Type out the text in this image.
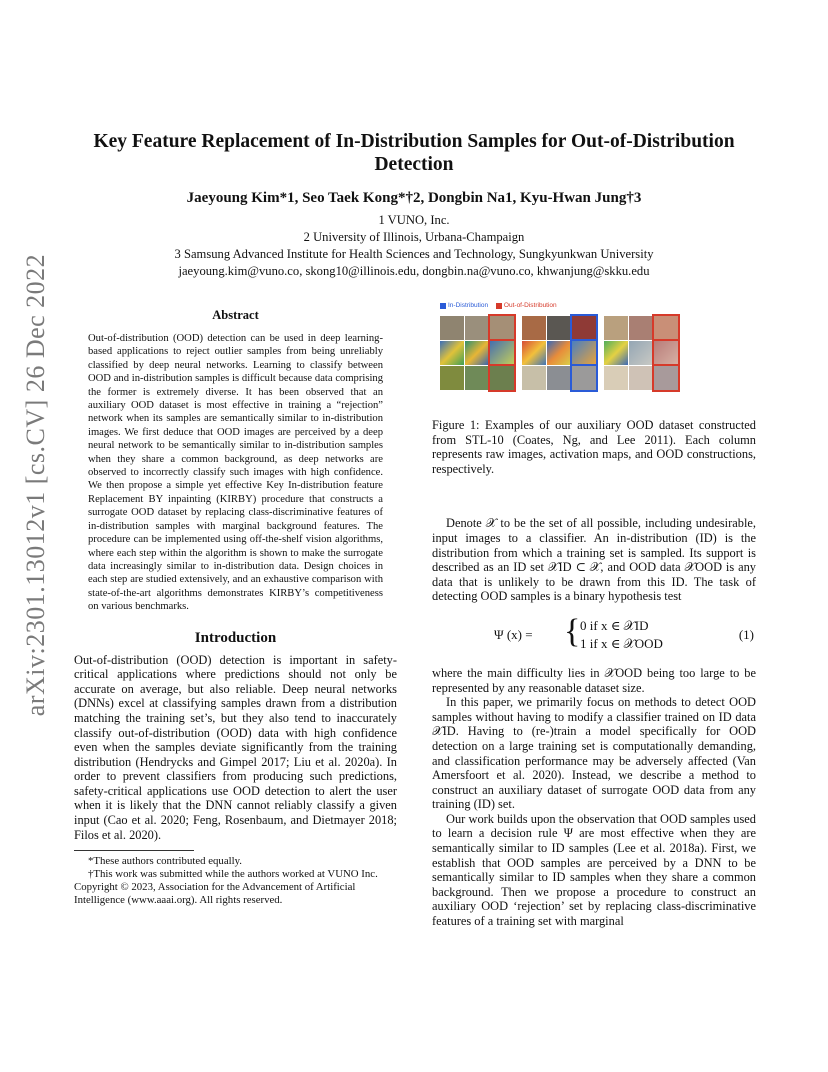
arXiv:2301.13012v1 [cs.CV] 26 Dec 2022
Key Feature Replacement of In-Distribution Samples for Out-of-Distribution
Detection
Jaeyoung Kim*1, Seo Taek Kong*†2, Dongbin Na1, Kyu-Hwan Jung†3
1 VUNO, Inc.
2 University of Illinois, Urbana-Champaign
3 Samsung Advanced Institute for Health Sciences and Technology, Sungkyunkwan University
jaeyoung.kim@vuno.co, skong10@illinois.edu, dongbin.na@vuno.co, khwanjung@skku.edu
Abstract

Out-of-distribution (OOD) detection can be used in deep learning-based applications to reject outlier samples from being unreliably classified by deep neural networks. Learning to classify between OOD and in-distribution samples is difficult because data comprising the former is extremely diverse. It has been observed that an auxiliary OOD dataset is most effective in training a “rejection” network when its samples are semantically similar to in-distribution images. We first deduce that OOD images are perceived by a deep neural network to be semantically similar to in-distribution samples when they share a common background, as deep networks are observed to incorrectly classify such images with high confidence. We then propose a simple yet effective Key In-distribution feature Replacement BY inpainting (KIRBY) procedure that constructs a surrogate OOD dataset by replacing class-discriminative features of in-distribution samples with marginal background features. The procedure can be implemented using off-the-shelf vision algorithms, where each step within the algorithm is shown to make the surrogate data increasingly similar to in-distribution data. Design choices in each step are studied extensively, and an exhaustive comparison with state-of-the-art algorithms demonstrates KIRBY’s competitiveness on various benchmarks.

Introduction

Out-of-distribution (OOD) detection is important in safety-critical applications where predictions should not only be accurate on average, but also reliable. Deep neural networks (DNNs) excel at classifying samples drawn from a distribution matching the training set’s, but they also tend to inaccurately classify out-of-distribution (OOD) data with high confidence even when the samples deviate significantly from the training distribution (Hendrycks and Gimpel 2017; Liu et al. 2020a). In order to prevent classifiers from producing such predictions, safety-critical applications use OOD detection to alert the user when it is likely that the DNN cannot reliably classify a given input (Cao et al. 2020; Feng, Rosenbaum, and Dietmayer 2018; Filos et al. 2020).

*These authors contributed equally.

†This work was submitted while the authors worked at VUNO Inc.

Copyright © 2023, Association for the Advancement of Artificial Intelligence (www.aaai.org). All rights reserved.

In-Distribution Out-of-Distribution

Figure 1: Examples of our auxiliary OOD dataset constructed from STL-10 (Coates, Ng, and Lee 2011). Each column represents raw images, activation maps, and OOD constructions, respectively.

Denote 𝒳 to be the set of all possible, including undesirable, input images to a classifier. An in-distribution (ID) is the distribution from which a training set is sampled. Its support is described as an ID set 𝒳ID ⊂ 𝒳, and OOD data 𝒳OOD is any data that is unlikely to be drawn from this ID. The task of detecting OOD samples is a binary hypothesis test

Ψ (x) = { 0 if x ∈ 𝒳ID
1 if x ∈ 𝒳OOD
(1)

where the main difficulty lies in 𝒳OOD being too large to be represented by any reasonable dataset size.

In this paper, we primarily focus on methods to detect OOD samples without having to modify a classifier trained on ID data 𝒳ID. Having to (re-)train a model specifically for OOD detection on a large training set is computationally demanding, and classification performance may be adversely affected (Van Amersfoort et al. 2020). Instead, we describe a method to construct an auxiliary dataset of surrogate OOD data from any training (ID) set.

Our work builds upon the observation that OOD samples used to learn a decision rule Ψ are most effective when they are semantically similar to ID samples (Lee et al. 2018a). First, we establish that OOD samples are perceived by a DNN to be semantically similar to ID samples when they share a common background. Then we propose a procedure to construct an auxiliary OOD ‘rejection’ set by replacing class-discriminative features of a training set with marginal
